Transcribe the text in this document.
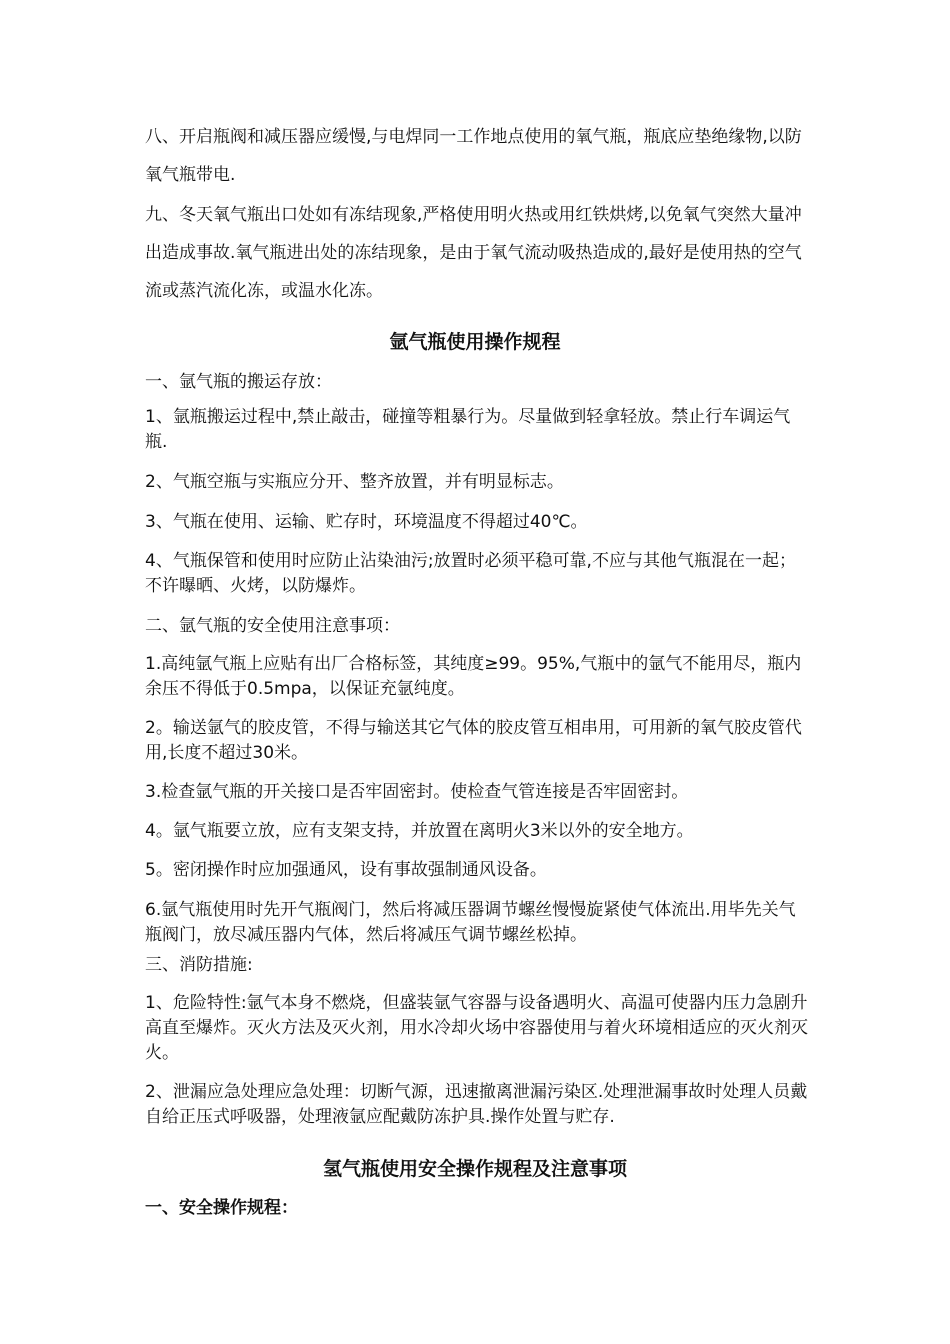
八、开启瓶阀和减压器应缓慢,与电焊同一工作地点使用的氧气瓶，瓶底应垫绝缘物,以防氧气瓶带电.

九、冬天氧气瓶出口处如有冻结现象,严格使用明火热或用红铁烘烤,以免氧气突然大量冲出造成事故.氧气瓶进出处的冻结现象，是由于氧气流动吸热造成的,最好是使用热的空气流或蒸汽流化冻，或温水化冻。

氩气瓶使用操作规程

一、氩气瓶的搬运存放：

1、氩瓶搬运过程中,禁止敲击，碰撞等粗暴行为。尽量做到轻拿轻放。禁止行车调运气瓶.

2、气瓶空瓶与实瓶应分开、整齐放置，并有明显标志。

3、气瓶在使用、运输、贮存时，环境温度不得超过40℃。

4、气瓶保管和使用时应防止沾染油污;放置时必须平稳可靠,不应与其他气瓶混在一起；不许曝晒、火烤，以防爆炸。

二、氩气瓶的安全使用注意事项：

1.高纯氩气瓶上应贴有出厂合格标签，其纯度≥99。95%,气瓶中的氩气不能用尽，瓶内余压不得低于0.5mpa，以保证充氩纯度。

2。输送氩气的胶皮管，不得与输送其它气体的胶皮管互相串用，可用新的氧气胶皮管代用,长度不超过30米。

3.检查氩气瓶的开关接口是否牢固密封。使检查气管连接是否牢固密封。

4。氩气瓶要立放，应有支架支持，并放置在离明火3米以外的安全地方。

5。密闭操作时应加强通风，设有事故强制通风设备。

6.氩气瓶使用时先开气瓶阀门，然后将减压器调节螺丝慢慢旋紧使气体流出.用毕先关气瓶阀门，放尽减压器内气体，然后将减压气调节螺丝松掉。

三、消防措施:

1、危险特性:氩气本身不燃烧，但盛装氩气容器与设备遇明火、高温可使器内压力急剧升高直至爆炸。灭火方法及灭火剂，用水冷却火场中容器使用与着火环境相适应的灭火剂灭火。

2、泄漏应急处理应急处理：切断气源，迅速撤离泄漏污染区.处理泄漏事故时处理人员戴自给正压式呼吸器，处理液氩应配戴防冻护具.操作处置与贮存.

氢气瓶使用安全操作规程及注意事项

一、安全操作规程：
